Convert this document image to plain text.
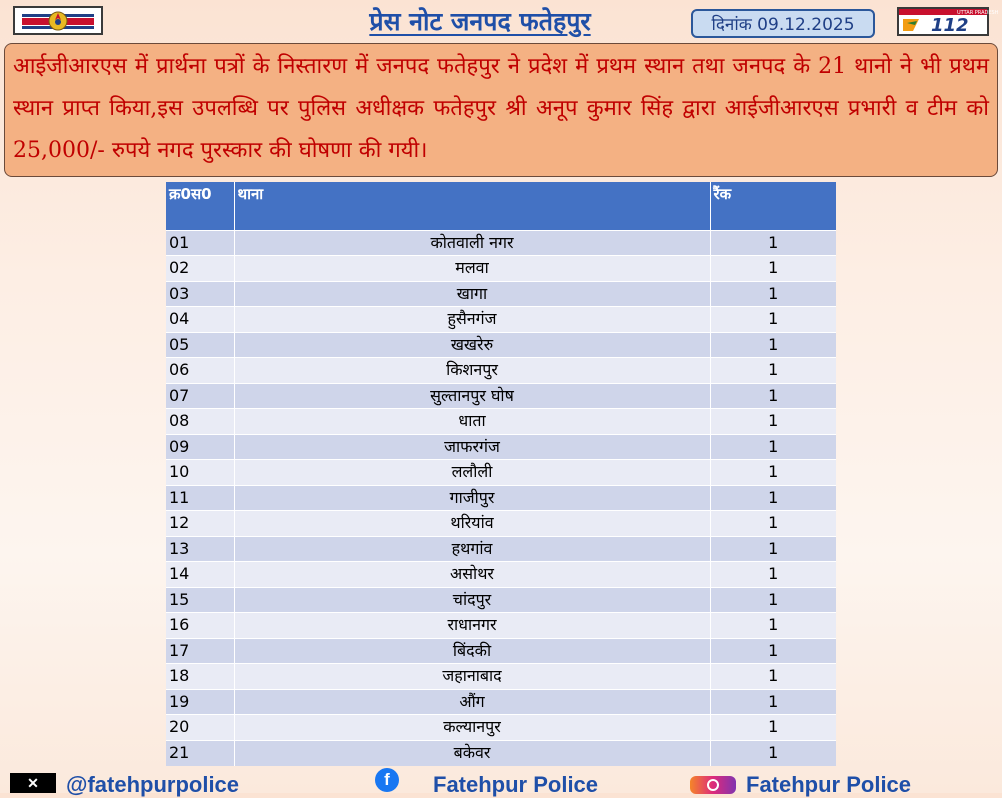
प्रेस नोट जनपद फतेहपुर	दिनांक 09.12.2025
UTTAR PRADESH
112
आईजीआरएस में प्रार्थना पत्रों के निस्तारण में जनपद फतेहपुर ने प्रदेश में प्रथम स्थान तथा जनपद के 21 थानो ने भी प्रथम स्थान प्राप्त किया,इस उपलब्धि पर पुलिस अधीक्षक फतेहपुर श्री अनूप कुमार सिंह द्वारा आईजीआरएस प्रभारी व टीम को 25,000/- रुपये नगद पुरस्कार की घोषणा की गयी।
क्र0स0	थाना	रैंक
01	कोतवाली नगर	1
02	मलवा	1
03	खागा	1
04	हुसैनगंज	1
05	खखरेरु	1
06	किशनपुर	1
07	सुल्तानपुर घोष	1
08	धाता	1
09	जाफरगंज	1
10	ललौली	1
11	गाजीपुर	1
12	थरियांव	1
13	हथगांव	1
14	असोथर	1
15	चांदपुर	1
16	राधानगर	1
17	बिंदकी	1
18	जहानाबाद	1
19	औंग	1
20	कल्यानपुर	1
21	बकेवर	1
✕	@fatehpurpolice	f	Fatehpur Police	Fatehpur Police
